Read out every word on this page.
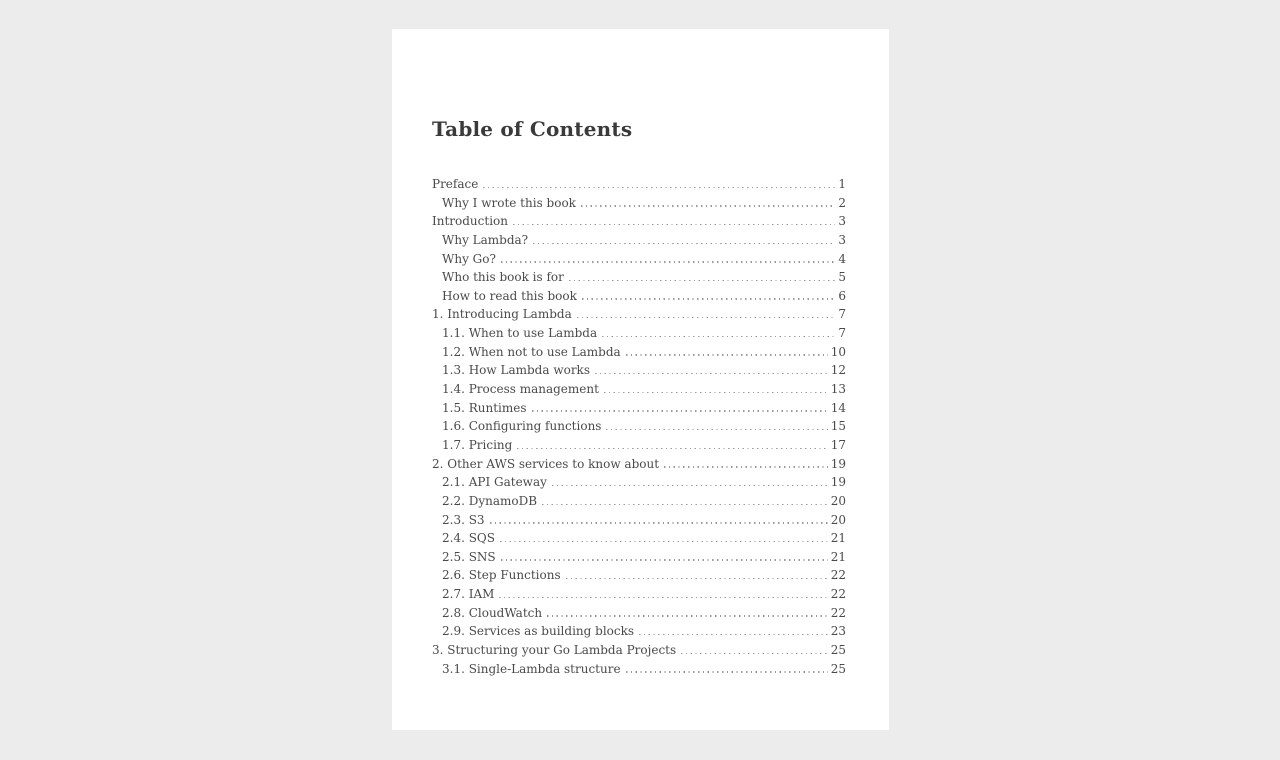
Table of Contents
Preface	1
Why I wrote this book	2
Introduction	3
Why Lambda?	3
Why Go?	4
Who this book is for	5
How to read this book	6
1. Introducing Lambda	7
1.1. When to use Lambda	7
1.2. When not to use Lambda	10
1.3. How Lambda works	12
1.4. Process management	13
1.5. Runtimes	14
1.6. Configuring functions	15
1.7. Pricing	17
2. Other AWS services to know about	19
2.1. API Gateway	19
2.2. DynamoDB	20
2.3. S3	20
2.4. SQS	21
2.5. SNS	21
2.6. Step Functions	22
2.7. IAM	22
2.8. CloudWatch	22
2.9. Services as building blocks	23
3. Structuring your Go Lambda Projects	25
3.1. Single-Lambda structure	25
